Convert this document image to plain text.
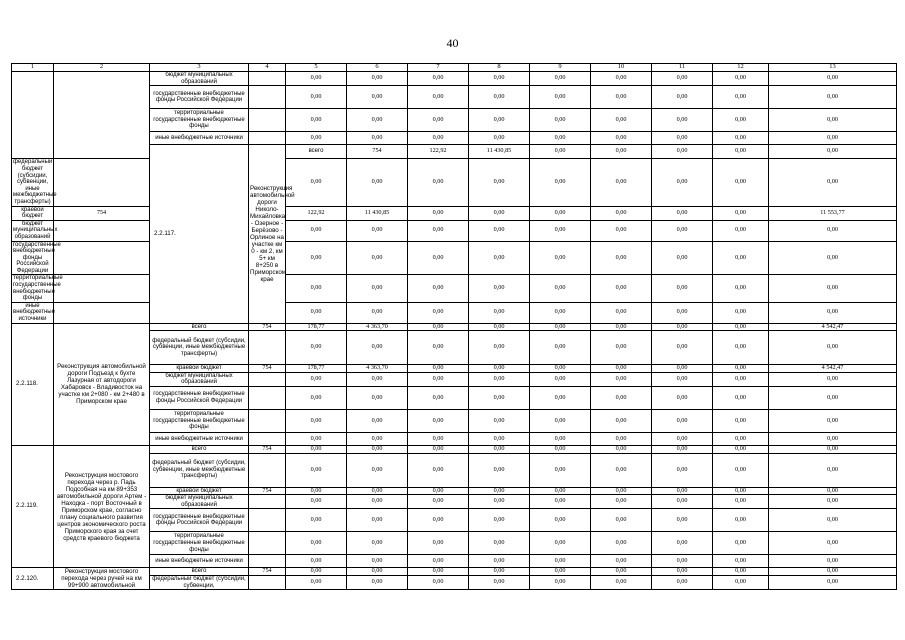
40
1	2	3	4	5	6	7	8	9	10	11	12	13	
		бюджет муниципальных образований		0,00	0,00	0,00	0,00	0,00	0,00	0,00	0,00	0,00	
		государственные внебюджетные фонды Российской Федерации		0,00	0,00	0,00	0,00	0,00	0,00	0,00	0,00	0,00	
		территориальные государственные внебюджетные фонды		0,00	0,00	0,00	0,00	0,00	0,00	0,00	0,00	0,00	
		иные внебюджетные источники		0,00	0,00	0,00	0,00	0,00	0,00	0,00	0,00	0,00	
		2.2.117.	Реконструкция автомобильной дороги Николо-Михайловка - Озерное - Берёзово - Орлиное на участке км 0 - км 2, км 5+ км 8+250 в Приморском крае	всего	754	122,92	11 430,85	0,00	0,00	0,00	0,00	0,00		
федеральный бюджет (субсидии, субвенции, иные межбюджетные трансферты)				0,00	0,00	0,00	0,00	0,00	0,00	0,00	0,00	0,00	
краевой бюджет	754			122,92	11 430,85	0,00	0,00	0,00	0,00	0,00	0,00	11 553,77	
бюджет муниципальных образований				0,00	0,00	0,00	0,00	0,00	0,00	0,00	0,00	0,00	
государственные внебюджетные фонды Российской Федерации				0,00	0,00	0,00	0,00	0,00	0,00	0,00	0,00	0,00	
территориальные государственные внебюджетные фонды				0,00	0,00	0,00	0,00	0,00	0,00	0,00	0,00	0,00	
иные внебюджетные источники				0,00	0,00	0,00	0,00	0,00	0,00	0,00	0,00	0,00	
2.2.118.	Реконструкция автомобильной дороги Подъезд к бухте Лазурная от автодороги Хабаровск - Владивосток на участке км 2+080 - км 2+480 в Приморском крае	всего	754	178,77	4 363,70	0,00	0,00	0,00	0,00	0,00	0,00	4 542,47	
		федеральный бюджет (субсидии, субвенции, иные межбюджетные трансферты)		0,00	0,00	0,00	0,00	0,00	0,00	0,00	0,00	0,00	
		краевой бюджет	754	178,77	4 363,70	0,00	0,00	0,00	0,00	0,00	0,00	4 542,47	
		бюджет муниципальных образований		0,00	0,00	0,00	0,00	0,00	0,00	0,00	0,00	0,00	
		государственные внебюджетные фонды Российской Федерации		0,00	0,00	0,00	0,00	0,00	0,00	0,00	0,00	0,00	
		территориальные государственные внебюджетные фонды		0,00	0,00	0,00	0,00	0,00	0,00	0,00	0,00	0,00	
		иные внебюджетные источники		0,00	0,00	0,00	0,00	0,00	0,00	0,00	0,00	0,00	
2.2.119.	Реконструкция мостового перехода через р. Падь Подсобная на км 89+353 автомобильной дороги Артем - Находка - порт Восточный в Приморском крае, согласно плану социального развития центров экономического роста Приморского края за счет средств краевого бюджета	всего	754	0,00	0,00	0,00	0,00	0,00	0,00	0,00	0,00	0,00	
		федеральный бюджет (субсидии, субвенции, иные межбюджетные трансферты)		0,00	0,00	0,00	0,00	0,00	0,00	0,00	0,00	0,00	
		краевой бюджет	754	0,00	0,00	0,00	0,00	0,00	0,00	0,00	0,00	0,00	
		бюджет муниципальных образований		0,00	0,00	0,00	0,00	0,00	0,00	0,00	0,00	0,00	
		государственные внебюджетные фонды Российской Федерации		0,00	0,00	0,00	0,00	0,00	0,00	0,00	0,00	0,00	
		территориальные государственные внебюджетные фонды		0,00	0,00	0,00	0,00	0,00	0,00	0,00	0,00	0,00	
		иные внебюджетные источники		0,00	0,00	0,00	0,00	0,00	0,00	0,00	0,00	0,00	
2.2.120.	Реконструкция мостового перехода через ручей на км 99+900 автомобильной	всего	754	0,00	0,00	0,00	0,00	0,00	0,00	0,00	0,00	0,00	
		федеральный бюджет (субсидии, субвенции,		0,00	0,00	0,00	0,00	0,00	0,00	0,00	0,00	0,00	
